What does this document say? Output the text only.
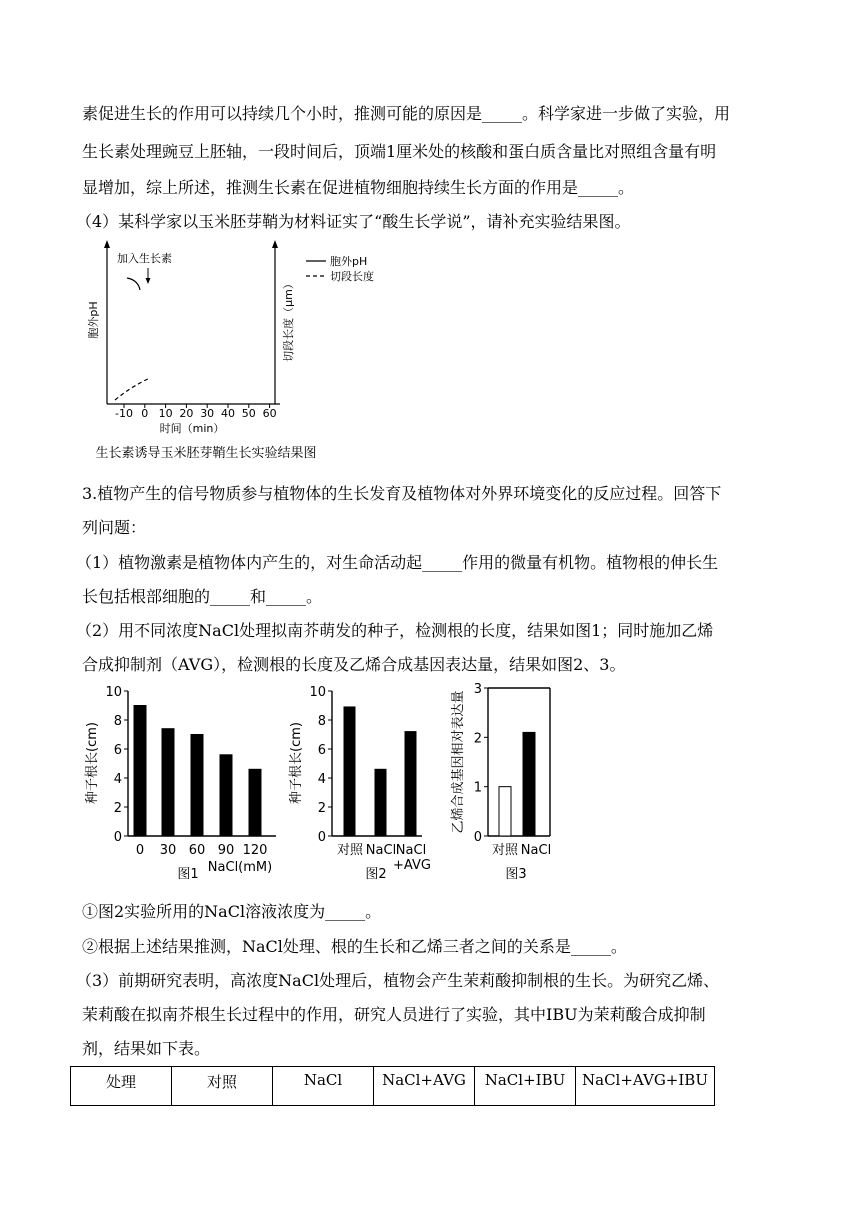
素促进生长的作用可以持续几个小时，推测可能的原因是_____。科学家进一步做了实验，用
生长素处理豌豆上胚轴，一段时间后，顶端1厘米处的核酸和蛋白质含量比对照组含量有明
显增加，综上所述，推测生长素在促进植物细胞持续生长方面的作用是_____。
（4）某科学家以玉米胚芽鞘为材料证实了“酸生长学说”，请补充实验结果图。
胞外pH	切段长度（μm）
加入生长素	胞外pH
切段长度
-10 0 10 20 30 40 50 60
时间（min）
生长素诱导玉米胚芽鞘生长实验结果图
3.植物产生的信号物质参与植物体的生长发育及植物体对外界环境变化的反应过程。回答下
列问题：
（1）植物激素是植物体内产生的，对生命活动起_____作用的微量有机物。植物根的伸长生
长包括根部细胞的_____和_____。
（2）用不同浓度NaCl处理拟南芥萌发的种子，检测根的长度，结果如图1；同时施加乙烯
合成抑制剂（AVG），检测根的长度及乙烯合成基因表达量，结果如图2、3。
0
2
4
6
8
10
0 30 60 90 120
种子根长(cm)
NaCl(mM)
图1
0
2
4
6
8
10
对照 NaCl NaCl
+AVG
种子根长(cm)
图2
0
1
2
3
对照 NaCl
乙烯合成基因相对表达量
图3
①图2实验所用的NaCl溶液浓度为_____。
②根据上述结果推测，NaCl处理、根的生长和乙烯三者之间的关系是_____。
（3）前期研究表明，高浓度NaCl处理后，植物会产生茉莉酸抑制根的生长。为研究乙烯、
茉莉酸在拟南芥根生长过程中的作用，研究人员进行了实验，其中IBU为茉莉酸合成抑制
剂，结果如下表。
处理	对照	NaCl	NaCl+AVG	NaCl+IBU	NaCl+AVG+IBU
